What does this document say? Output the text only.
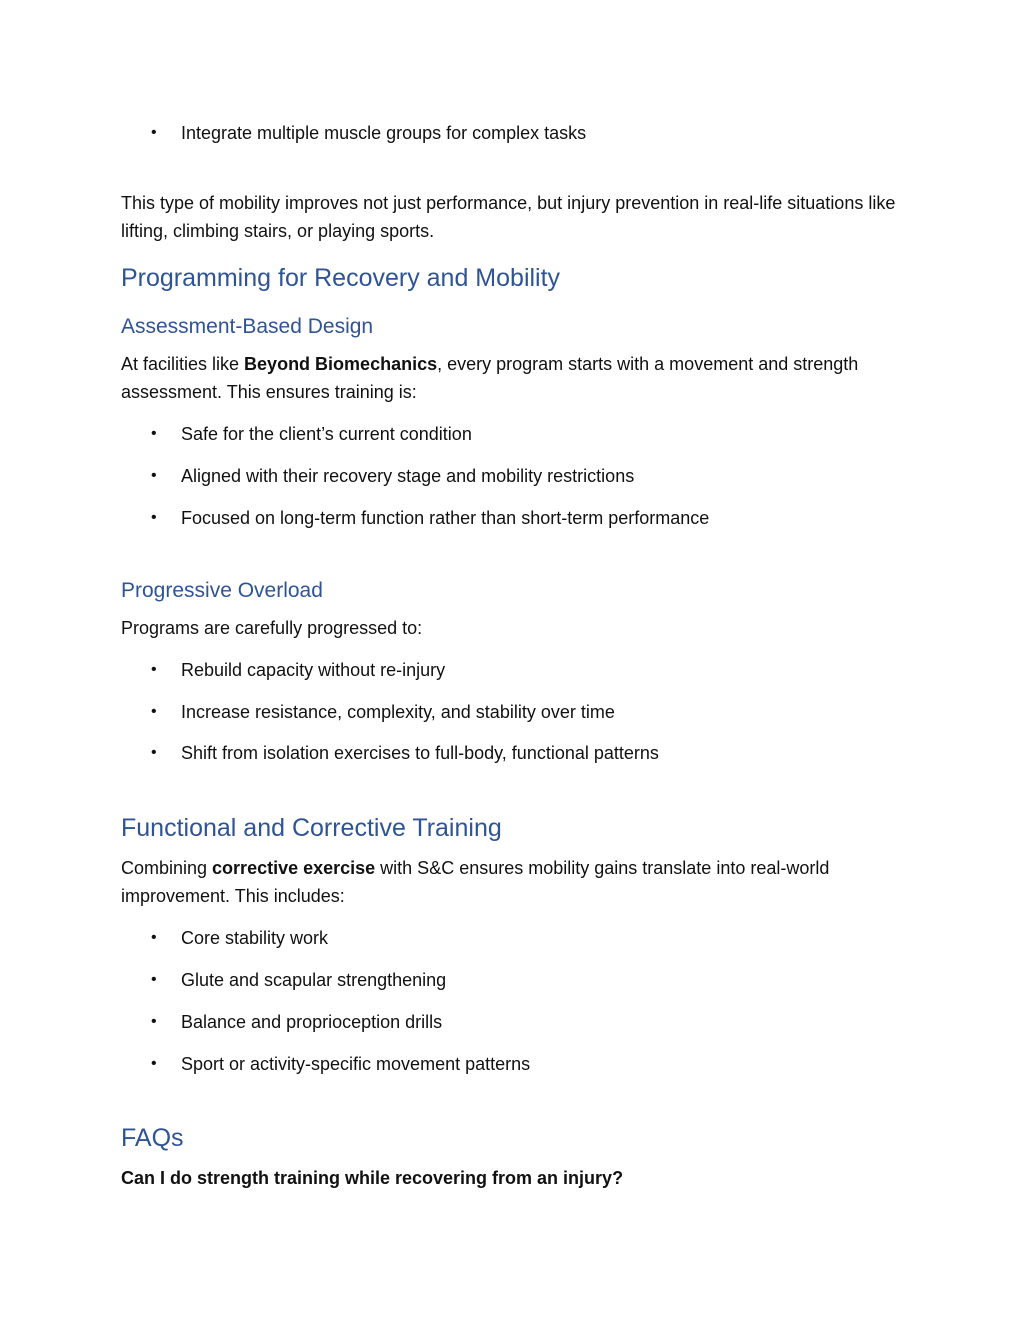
• Integrate multiple muscle groups for complex tasks

This type of mobility improves not just performance, but injury prevention in real-life situations like lifting, climbing stairs, or playing sports.

Programming for Recovery and Mobility
Assessment-Based Design

At facilities like Beyond Biomechanics, every program starts with a movement and strength assessment. This ensures training is:

• Safe for the client’s current condition
• Aligned with their recovery stage and mobility restrictions
• Focused on long-term function rather than short-term performance
Progressive Overload

Programs are carefully progressed to:

• Rebuild capacity without re-injury
• Increase resistance, complexity, and stability over time
• Shift from isolation exercises to full-body, functional patterns
Functional and Corrective Training

Combining corrective exercise with S&C ensures mobility gains translate into real-world improvement. This includes:

• Core stability work
• Glute and scapular strengthening
• Balance and proprioception drills
• Sport or activity-specific movement patterns
FAQs

Can I do strength training while recovering from an injury?
